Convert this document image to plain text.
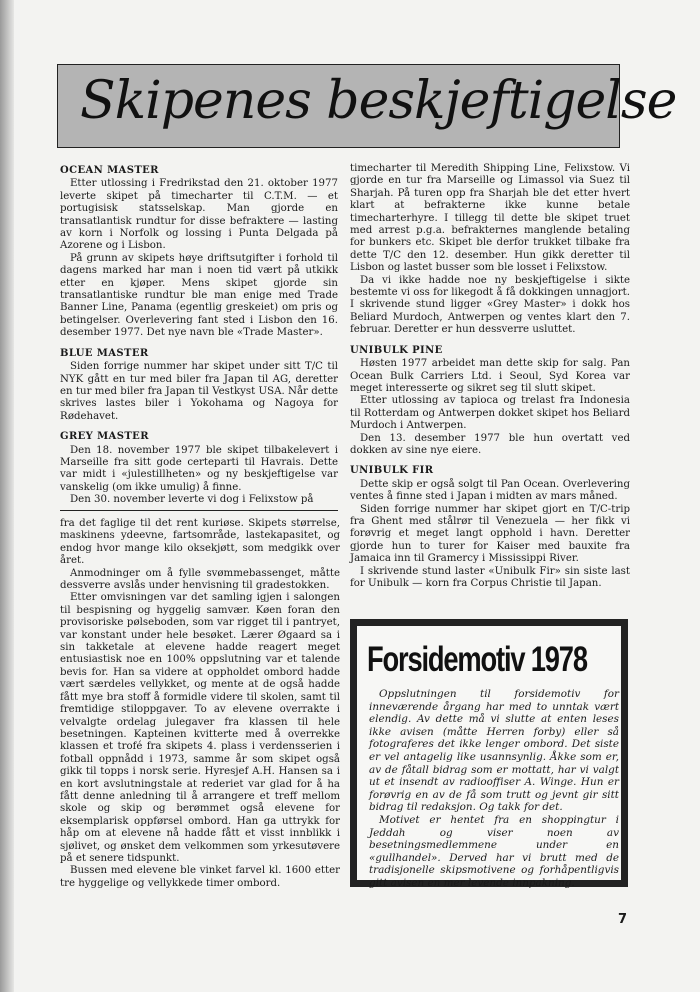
Skipenes beskjeftigelse
OCEAN MASTER

Etter utlossing i Fredrikstad den 21. oktober 1977 leverte skipet på timecharter til C.T.M. — et portugisisk statsselskap. Man gjorde en transatlantisk rundtur for disse befraktere — lasting av korn i Norfolk og lossing i Punta Delgada på Azorene og i Lisbon.

På grunn av skipets høye driftsutgifter i forhold til dagens marked har man i noen tid vært på utkikk etter en kjøper. Mens skipet gjorde sin transatlantiske rundtur ble man enige med Trade Banner Line, Panama (egentlig greskeiet) om pris og betingelser. Overlevering fant sted i Lisbon den 16. desember 1977. Det nye navn ble «Trade Master».

BLUE MASTER

Siden forrige nummer har skipet under sitt T/C til NYK gått en tur med biler fra Japan til AG, deretter en tur med biler fra Japan til Vestkyst USA. Når dette skrives lastes biler i Yokohama og Nagoya for Rødehavet.

GREY MASTER

Den 18. november 1977 ble skipet tilbakelevert i Marseille fra sitt gode certeparti til Havrais. Dette var midt i «julestillheten» og ny beskjeftigelse var vanskelig (om ikke umulig) å finne.

Den 30. november leverte vi dog i Felixstow på

fra det faglige til det rent kuriøse. Skipets størrelse, maskinens ydeevne, fartsområde, lastekapasitet, og endog hvor mange kilo oksekjøtt, som medgikk over året.

Anmodninger om å fylle svømmebassenget, måtte dessverre avslås under henvisning til gradestokken.

Etter omvisningen var det samling igjen i salongen til bespisning og hyggelig samvær. Køen foran den provisoriske pølseboden, som var rigget til i pantryet, var konstant under hele besøket. Lærer Øgaard sa i sin takketale at elevene hadde reagert meget entusiastisk noe en 100% oppslutning var et talende bevis for. Han sa videre at oppholdet ombord hadde vært særdeles vellykket, og mente at de også hadde fått mye bra stoff å formidle videre til skolen, samt til fremtidige stiloppgaver. To av elevene overrakte i velvalgte ordelag julegaver fra klassen til hele besetningen. Kapteinen kvitterte med å overrekke klassen et trofé fra skipets 4. plass i verdensserien i fotball oppnådd i 1973, samme år som skipet også gikk til topps i norsk serie. Hyresjef A.H. Hansen sa i en kort avslutningstale at rederiet var glad for å ha fått denne anledning til å arrangere et treff mellom skole og skip og berømmet også elevene for eksemplarisk oppførsel ombord. Han ga uttrykk for håp om at elevene nå hadde fått et visst innblikk i sjølivet, og ønsket dem velkommen som yrkesutøvere på et senere tidspunkt.

Bussen med elevene ble vinket farvel kl. 1600 etter tre hyggelige og vellykkede timer ombord.

timecharter til Meredith Shipping Line, Felixstow. Vi gjorde en tur fra Marseille og Limassol via Suez til Sharjah. På turen opp fra Sharjah ble det etter hvert klart at befrakterne ikke kunne betale timecharterhyre. I tillegg til dette ble skipet truet med arrest p.g.a. befrakternes manglende betaling for bunkers etc. Skipet ble derfor trukket tilbake fra dette T/C den 12. desember. Hun gikk deretter til Lisbon og lastet busser som ble losset i Felixstow.

Da vi ikke hadde noe ny beskjeftigelse i sikte bestemte vi oss for likegodt å få dokkingen unnagjort. I skrivende stund ligger «Grey Master» i dokk hos Beliard Murdoch, Antwerpen og ventes klart den 7. februar. Deretter er hun dessverre usluttet.

UNIBULK PINE

Høsten 1977 arbeidet man dette skip for salg. Pan Ocean Bulk Carriers Ltd. i Seoul, Syd Korea var meget interesserte og sikret seg til slutt skipet.

Etter utlossing av tapioca og trelast fra Indonesia til Rotterdam og Antwerpen dokket skipet hos Beliard Murdoch i Antwerpen.

Den 13. desember 1977 ble hun overtatt ved dokken av sine nye eiere.

UNIBULK FIR

Dette skip er også solgt til Pan Ocean. Overlevering ventes å finne sted i Japan i midten av mars måned.

Siden forrige nummer har skipet gjort en T/C-trip fra Ghent med stålrør til Venezuela — her fikk vi forøvrig et meget langt opphold i havn. Deretter gjorde hun to turer for Kaiser med bauxite fra Jamaica inn til Gramercy i Mississippi River.

I skrivende stund laster «Unibulk Fir» sin siste last for Unibulk — korn fra Corpus Christie til Japan.

Forsidemotiv 1978

Oppslutningen til forsidemotiv for inneværende årgang har med to unntak vært elendig. Av dette må vi slutte at enten leses ikke avisen (måtte Herren forby) eller så fotograferes det ikke lenger ombord. Det siste er vel antagelig like usannsynlig. Åkke som er, av de fåtall bidrag som er mottatt, har vi valgt ut et insendt av radiooffiser A. Winge. Hun er forøvrig en av de få som trutt og jevnt gir sitt bidrag til redaksjon. Og takk for det.

Motivet er hentet fra en shoppingtur i Jeddah og viser noen av besetningsmedlemmene under en «gullhandel». Derved har vi brutt med de tradisjonelle skipsmotivene og forhåpentligvis gitt avisen en mer levende innpakning.

7
